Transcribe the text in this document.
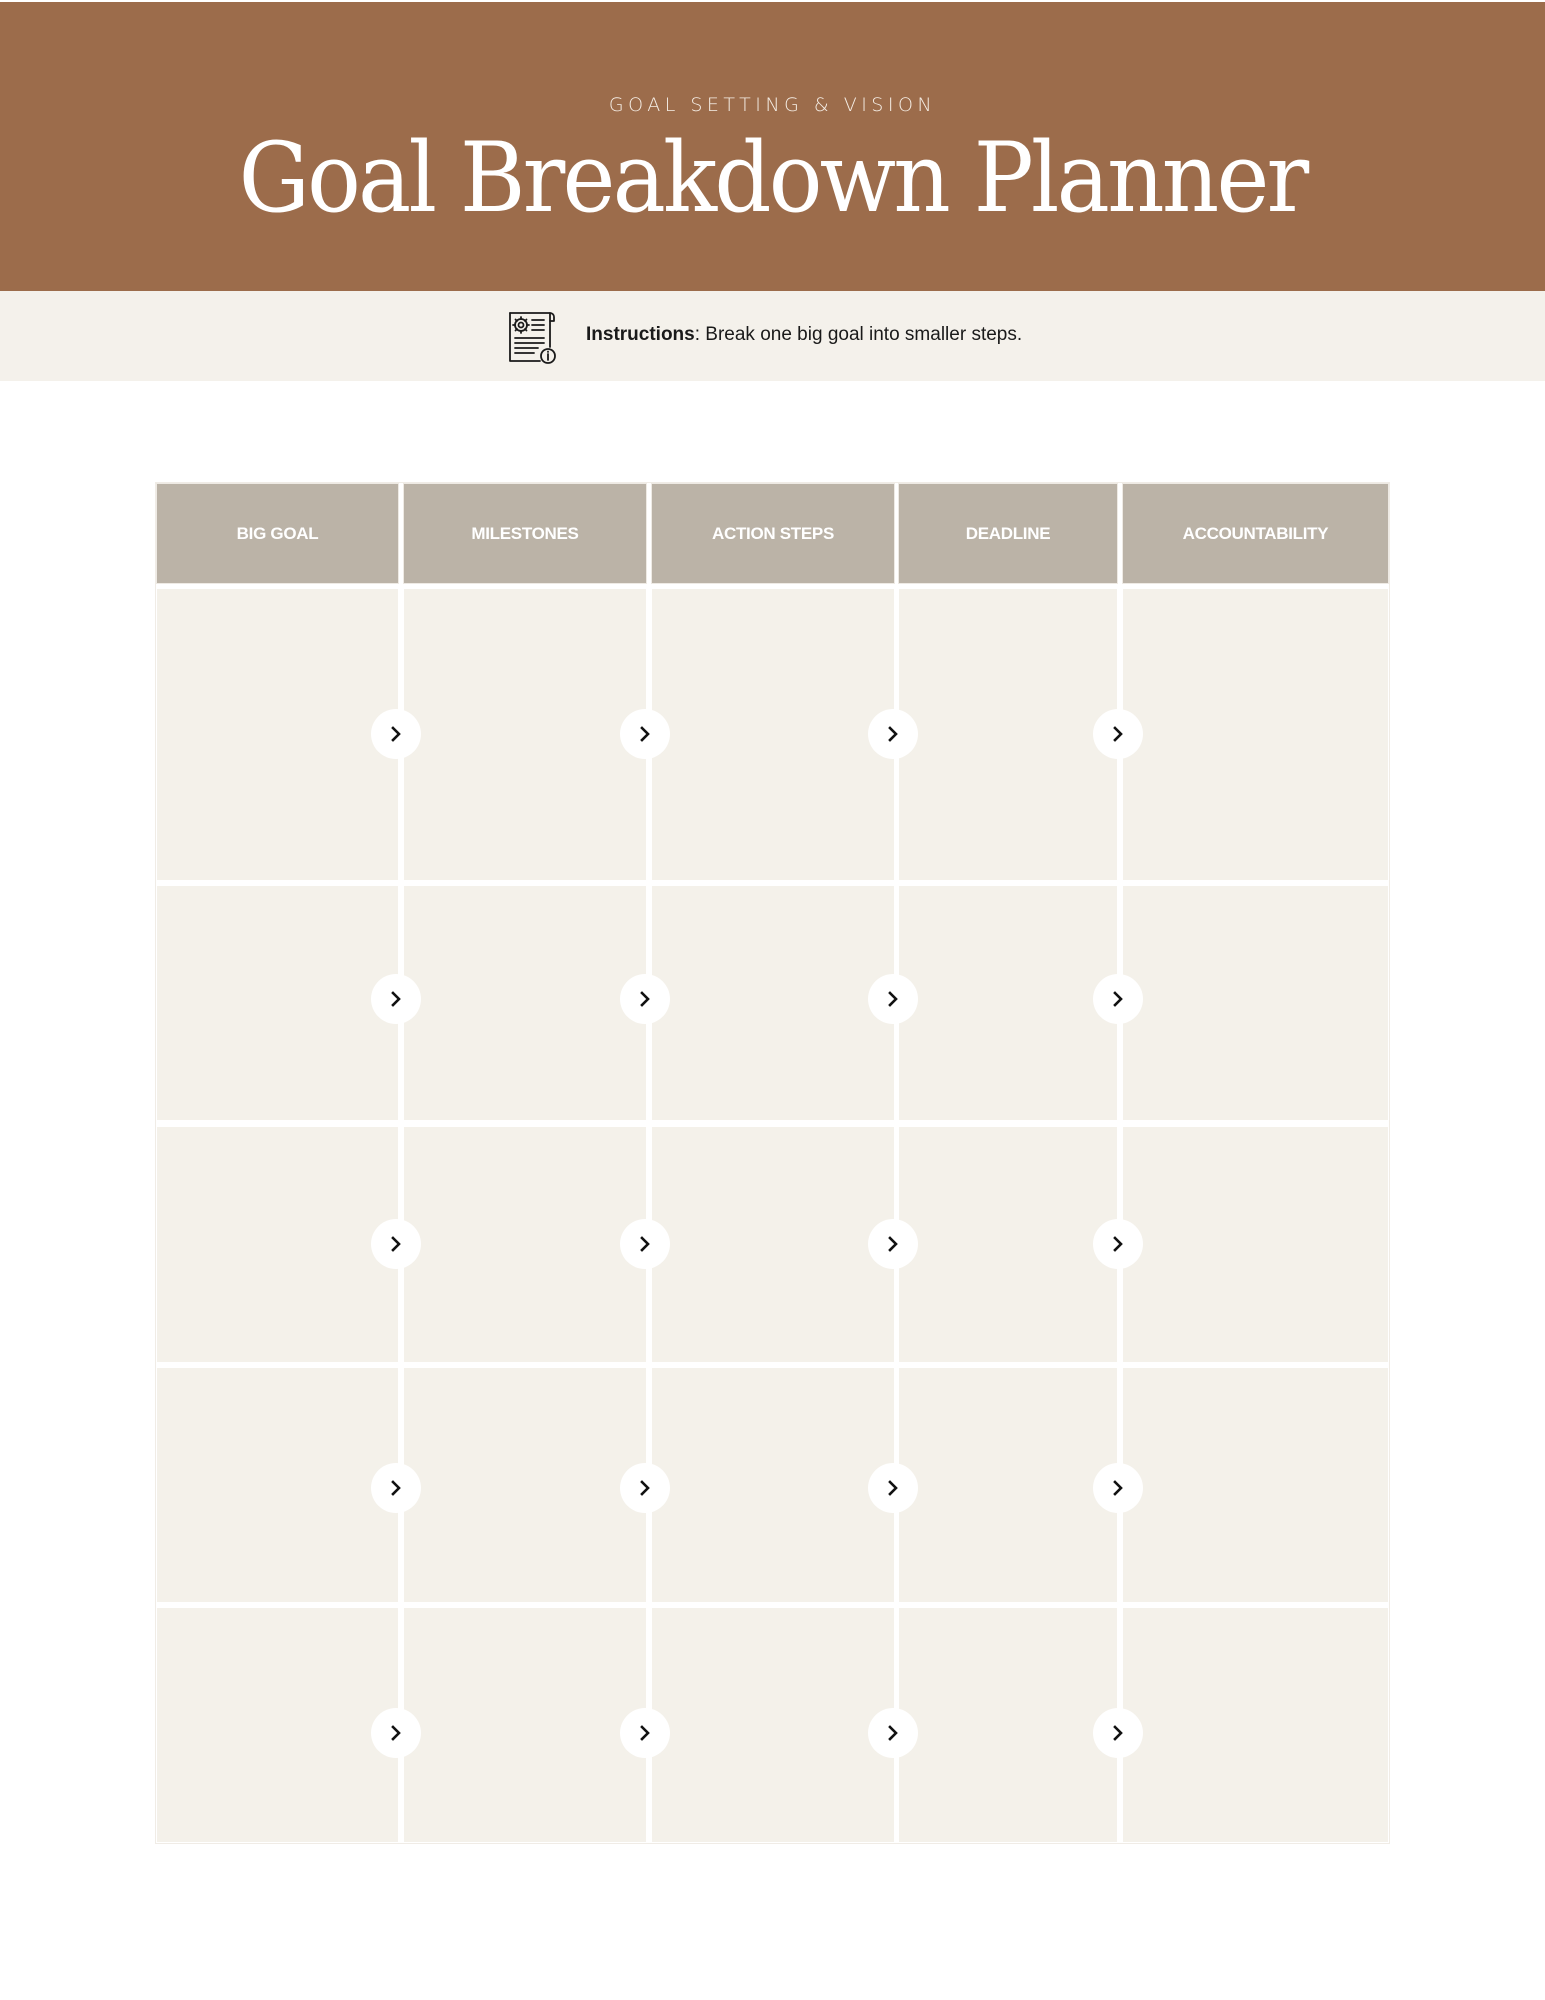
GOAL SETTING & VISION
Goal Breakdown Planner
Instructions: Break one big goal into smaller steps.
BIG GOAL	MILESTONES	ACTION STEPS	DEADLINE	ACCOUNTABILITY
